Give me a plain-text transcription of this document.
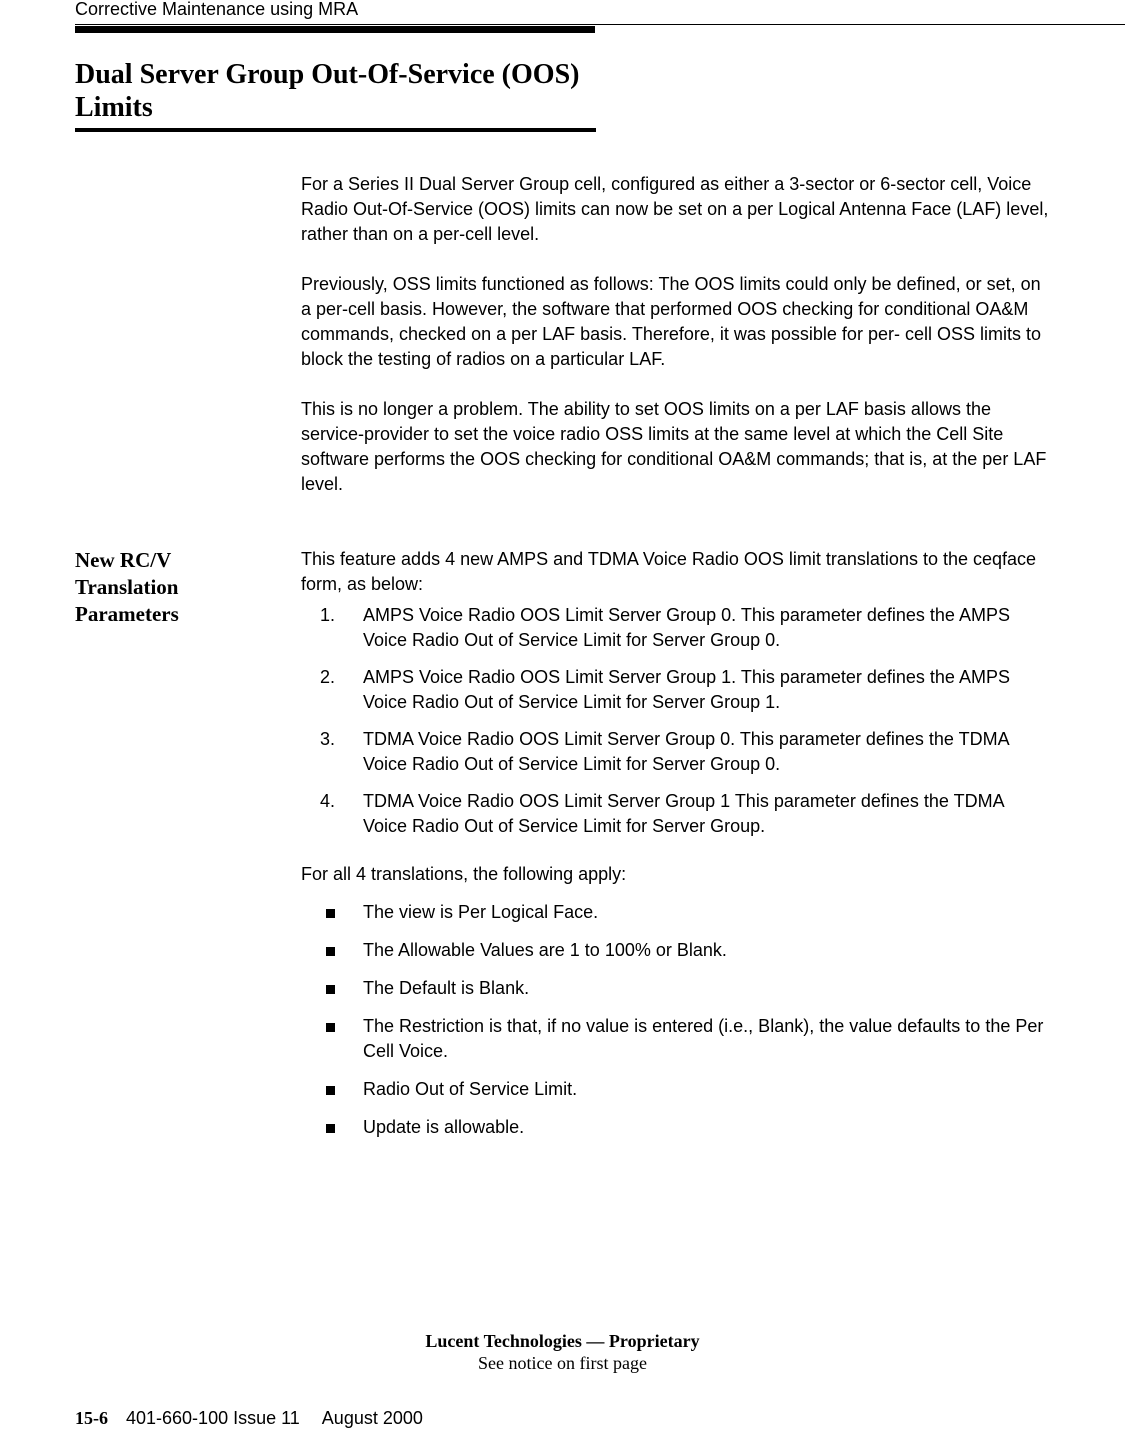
Corrective Maintenance using MRA
Dual Server Group Out-Of-Service (OOS) Limits

For a Series II Dual Server Group cell, configured as either a 3-sector or 6-sector cell, Voice Radio Out-Of-Service (OOS) limits can now be set on a per Logical Antenna Face (LAF) level, rather than on a per-cell level.

Previously, OSS limits functioned as follows: The OOS limits could only be defined, or set, on a per-cell basis. However, the software that performed OOS checking for conditional OA&M commands, checked on a per LAF basis. Therefore, it was possible for per- cell OSS limits to block the testing of radios on a particular LAF.

This is no longer a problem. The ability to set OOS limits on a per LAF basis allows the service-provider to set the voice radio OSS limits at the same level at which the Cell Site software performs the OOS checking for conditional OA&M commands; that is, at the per LAF level.

New RC/V Translation Parameters

This feature adds 4 new AMPS and TDMA Voice Radio OOS limit translations to the ceqface form, as below:

1. AMPS Voice Radio OOS Limit Server Group 0. This parameter defines the AMPS Voice Radio Out of Service Limit for Server Group 0.
2. AMPS Voice Radio OOS Limit Server Group 1. This parameter defines the AMPS Voice Radio Out of Service Limit for Server Group 1.
3. TDMA Voice Radio OOS Limit Server Group 0. This parameter defines the TDMA Voice Radio Out of Service Limit for Server Group 0.
4. TDMA Voice Radio OOS Limit Server Group 1 This parameter defines the TDMA Voice Radio Out of Service Limit for Server Group.

For all 4 translations, the following apply:

The view is Per Logical Face.
The Allowable Values are 1 to 100% or Blank.
The Default is Blank.
The Restriction is that, if no value is entered (i.e., Blank), the value defaults to the Per Cell Voice.
Radio Out of Service Limit.
Update is allowable.
Lucent Technologies — Proprietary
See notice on first page
15-6 401-660-100 Issue 11 August 2000
